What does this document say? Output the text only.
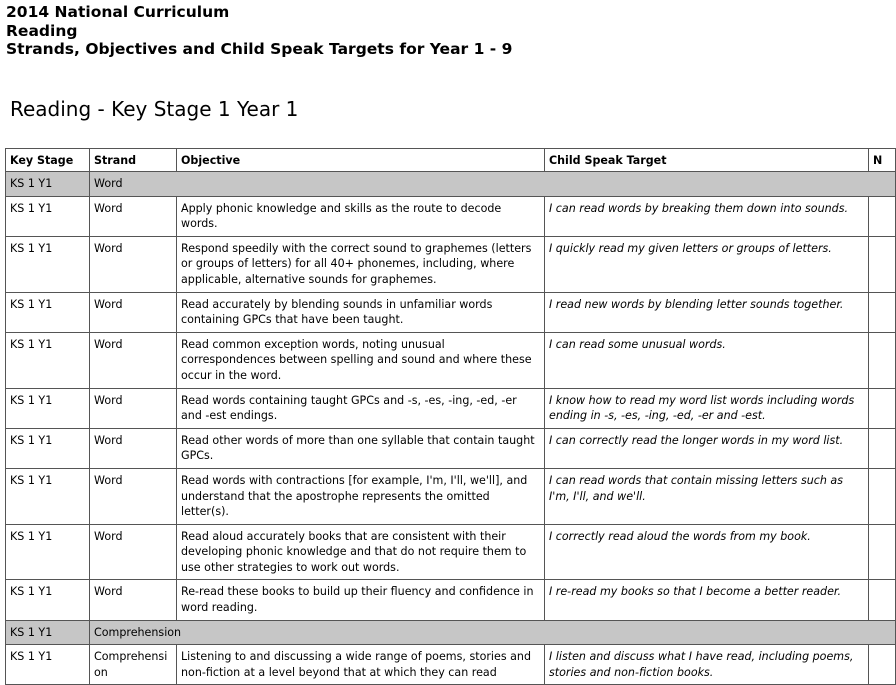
2014 National Curriculum
Reading
Strands, Objectives and Child Speak Targets for Year 1 - 9
Reading - Key Stage 1 Year 1
Key Stage	Strand	Objective	Child Speak Target	N
KS 1 Y1	Word			
KS 1 Y1	Word	Apply phonic knowledge and skills as the route to decode words.	I can read words by breaking them down into sounds.	
KS 1 Y1	Word	Respond speedily with the correct sound to graphemes (letters or groups of letters) for all 40+ phonemes, including, where applicable, alternative sounds for graphemes.	I quickly read my given letters or groups of letters.	
KS 1 Y1	Word	Read accurately by blending sounds in unfamiliar words containing GPCs that have been taught.	I read new words by blending letter sounds together.	
KS 1 Y1	Word	Read common exception words, noting unusual correspondences between spelling and sound and where these occur in the word.	I can read some unusual words.	
KS 1 Y1	Word	Read words containing taught GPCs and -s, -es, -ing, -ed, -er and -est endings.	I know how to read my word list words including words ending in -s, -es, -ing, -ed, -er and -est.	
KS 1 Y1	Word	Read other words of more than one syllable that contain taught GPCs.	I can correctly read the longer words in my word list.	
KS 1 Y1	Word	Read words with contractions [for example, I'm, I'll, we'll], and understand that the apostrophe represents the omitted letter(s).	I can read words that contain missing letters such as I'm, I'll, and we'll.	
KS 1 Y1	Word	Read aloud accurately books that are consistent with their developing phonic knowledge and that do not require them to use other strategies to work out words.	I correctly read aloud the words from my book.	
KS 1 Y1	Word	Re-read these books to build up their fluency and confidence in word reading.	I re-read my books so that I become a better reader.	
KS 1 Y1	Comprehension			
KS 1 Y1	Comprehensi on	Listening to and discussing a wide range of poems, stories and non-fiction at a level beyond that at which they can read	I listen and discuss what I have read, including poems, stories and non-fiction books.	
